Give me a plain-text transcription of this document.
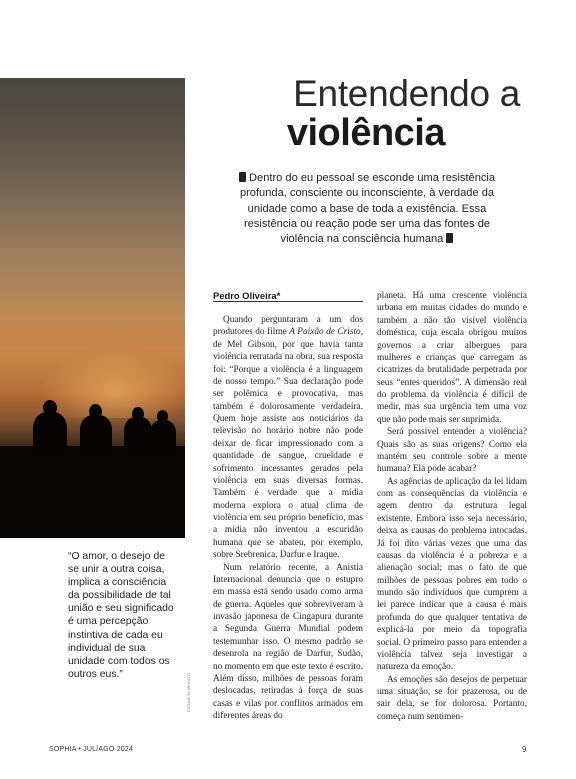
“O amor, o desejo de se unir a outra coisa, implica a consciência da possibilidade de tal união e seu significado é uma percepção instintiva de cada eu individual de sua unidade com todos os outros eus.”	ESSAM ELMEKATO
Entendendo a
violência
Dentro do eu pessoal se esconde uma resistência profunda, consciente ou inconsciente, à verdade da unidade como a base de toda a existência. Essa resistência ou reação pode ser uma das fontes de violência na consciência humana
Pedro Oliveira*

Quando perguntaram a um dos produtores do filme A Paixão de Cristo, de Mel Gibson, por que havia tanta violência retratada na obra, sua resposta foi: “Porque a violência é a linguagem de nosso tempo.” Sua declaração pode ser polêmica e provocativa, mas também é dolorosamente verdadeira. Quem hoje assiste aos noticiários da televisão no horário nobre não pode deixar de ficar impressionado com a quantidade de sangue, crueldade e sofrimento incessantes gerados pela violência em suas diversas formas. Também é verdade que a mídia moderna explora o atual clima de violência em seu próprio benefício, mas a mídia não inventou a escuridão humana que se abateu, por exemplo, sobre Srebrenica, Darfur e Iraque.

Num relatório recente, a Anistia Internacional denuncia que o estupro em massa está sendo usado como arma de guerra. Aqueles que sobreviveram à invasão japonesa de Cingapura durante a Segunda Guerra Mundial podem testemunhar isso. O mesmo padrão se desenrola na região de Darfur, Sudão, no momento em que este texto é escrito. Além disso, milhões de pessoas foram deslocadas, retiradas à força de suas casas e vilas por conflitos armados em diferentes áreas do

planeta. Há uma crescente violência urbana em muitas cidades do mundo e também a não tão visível violência doméstica, cuja escala obrigou muitos governos a criar albergues para mulheres e crianças que carregam as cicatrizes da brutalidade perpetrada por seus “entes queridos”. A dimensão real do problema da violência é difícil de medir, mas sua urgência tem uma voz que não pode mais ser suprimida.

Será possível entender a violência? Quais são as suas origens? Como ela mantém seu controle sobre a mente humana? Ela pode acabar?

As agências de aplicação da lei lidam com as consequências da violência e agem dentro da estrutura legal existente. Embora isso seja necessário, deixa as causas do problema intocadas. Já foi dito várias vezes que uma das causas da violência é a pobreza e a alienação social; mas o fato de que milhões de pessoas pobres em todo o mundo são indivíduos que cumprem a lei parece indicar que a causa é mais profunda do que qualquer tentativa de explicá-la por meio da topografia social. O primeiro passo para entender a violência talvez seja investigar a natureza da emoção.

As emoções são desejos de perpetuar uma situação, se for prazerosa, ou de sair dela, se for dolorosa. Portanto, começa num sentimen-

SOPHIA • JUL/AGO 2024	9
